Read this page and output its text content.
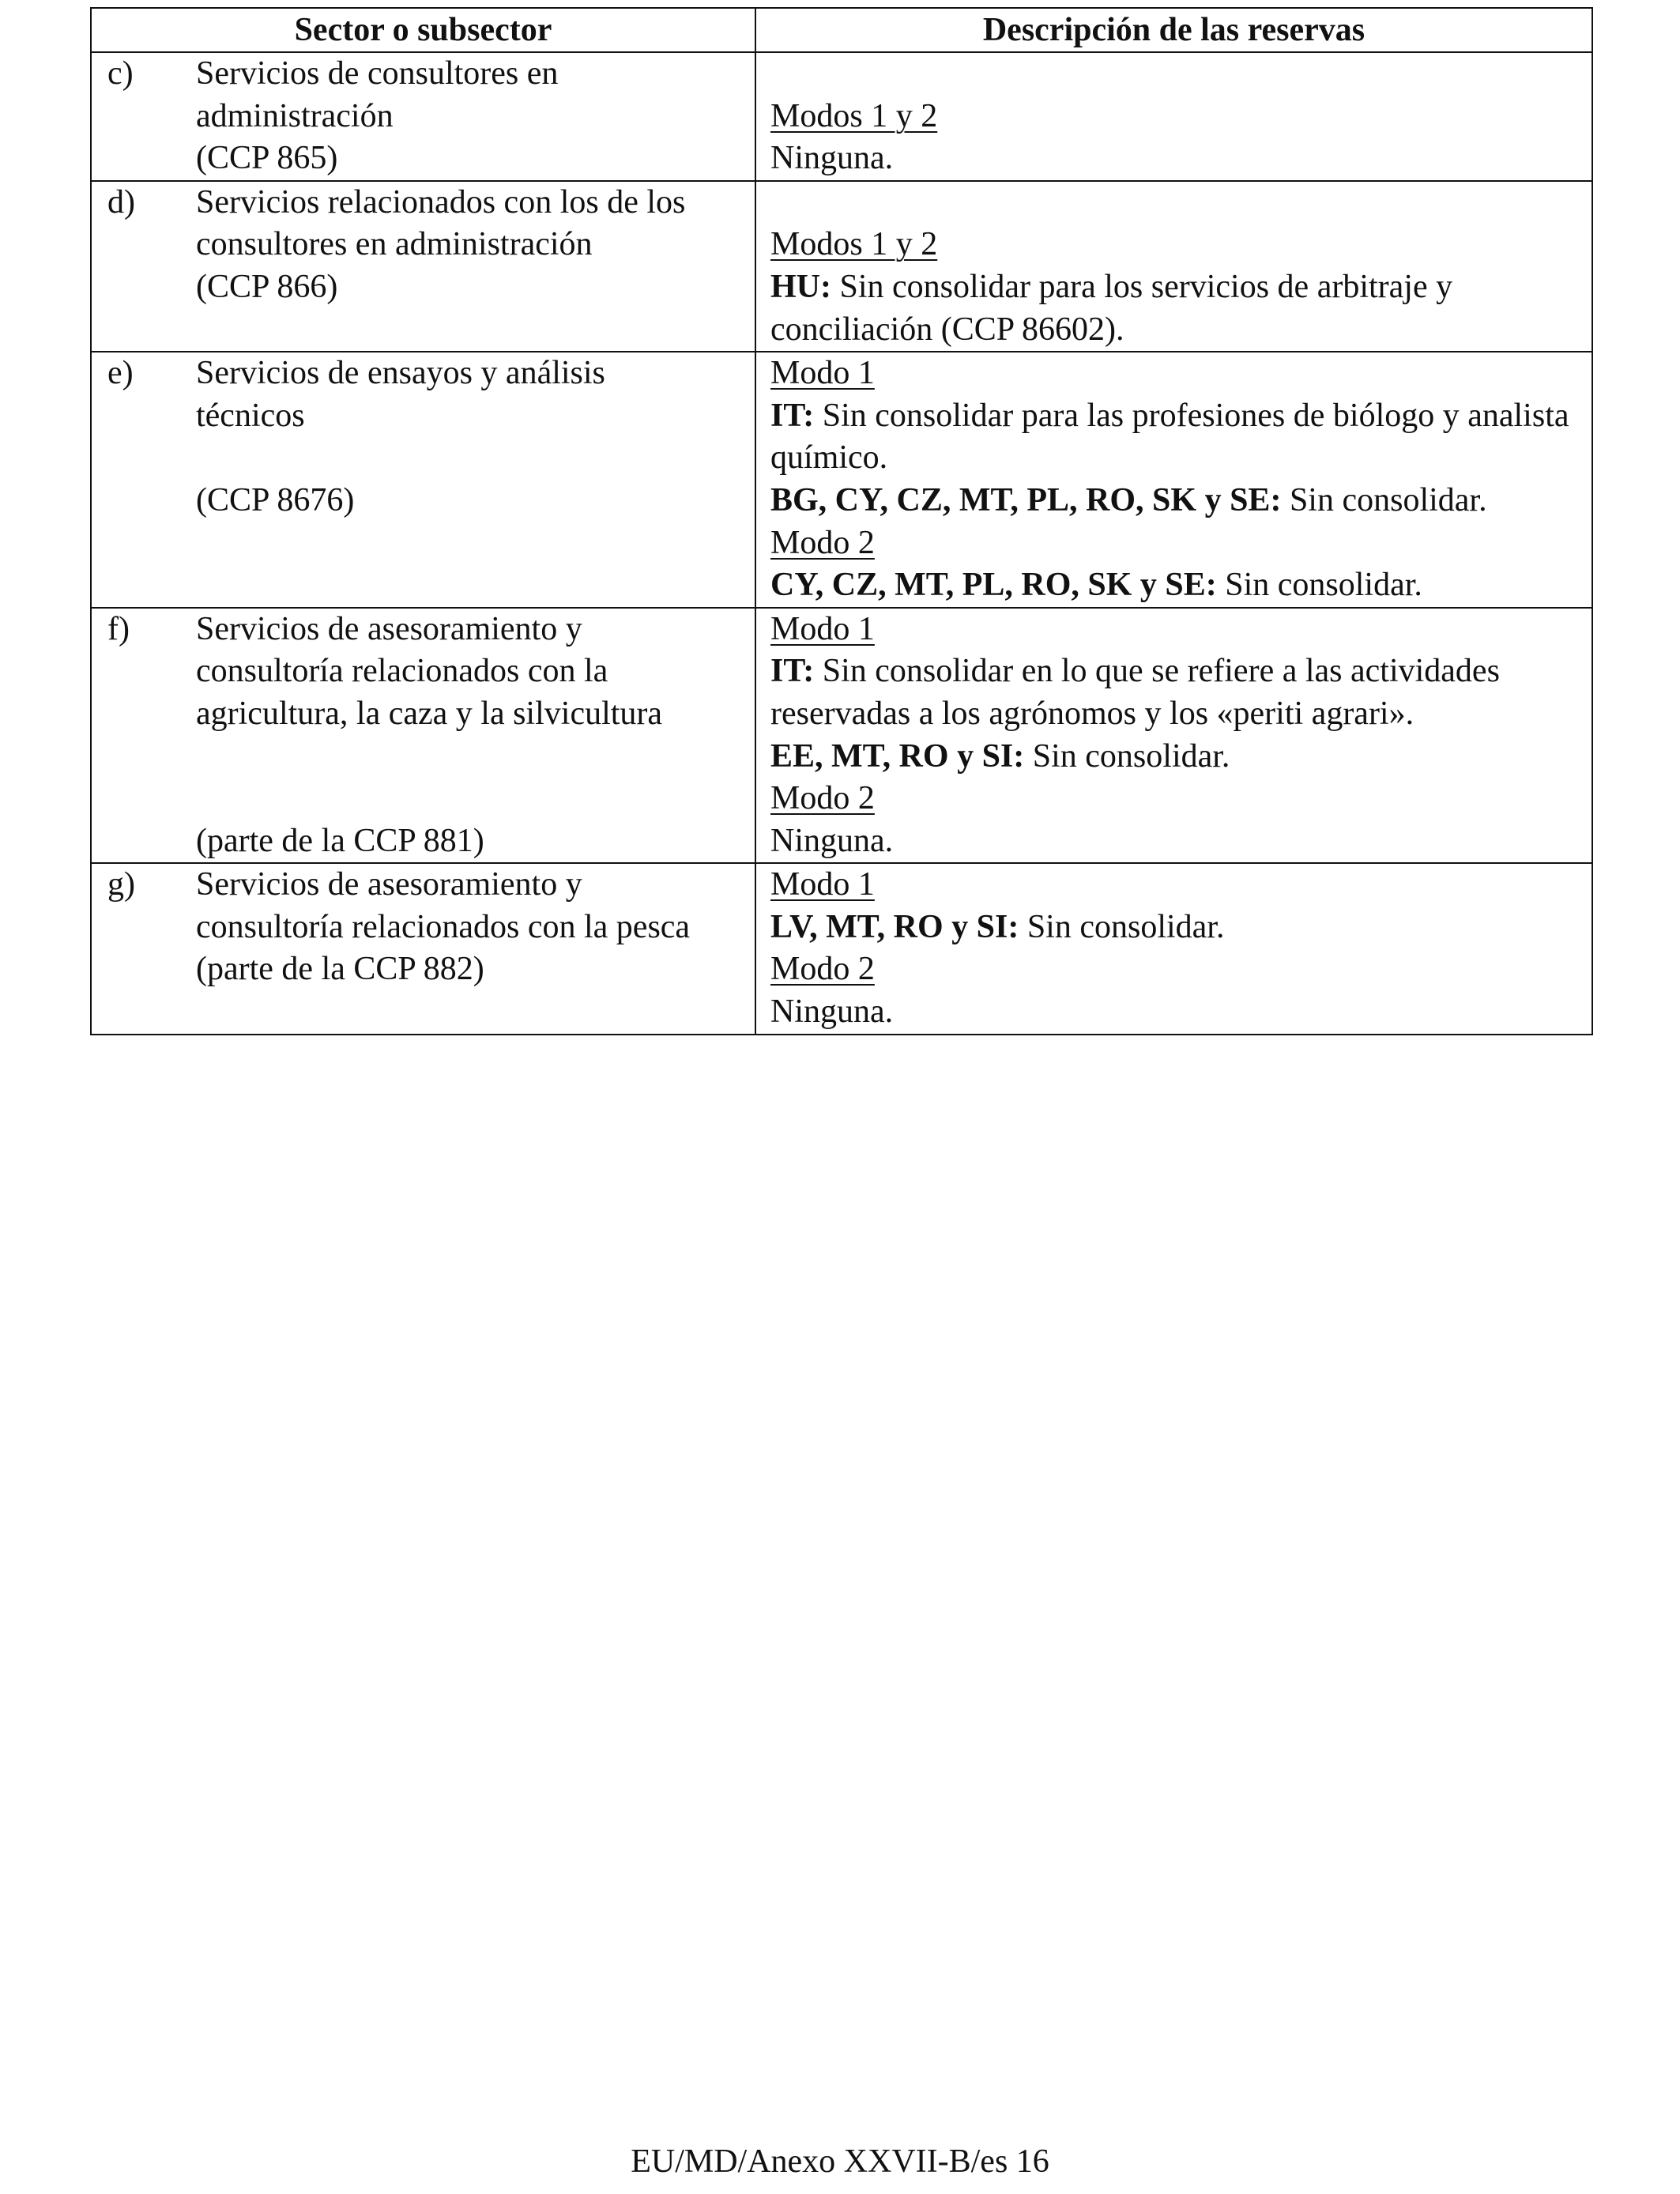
Sector o subsector	Descripción de las reservas

c) Servicios de consultores en
administración
(CCP 865)	Modos 1 y 2
Ninguna.

d) Servicios relacionados con los de los
consultores en administración
(CCP 866)	Modos 1 y 2
HU: Sin consolidar para los servicios de arbitraje y conciliación (CCP 86602).

e) Servicios de ensayos y análisis
técnicos
(CCP 8676)	Modo 1
IT: Sin consolidar para las profesiones de biólogo y analista químico.
BG, CY, CZ, MT, PL, RO, SK y SE: Sin consolidar.
Modo 2
CY, CZ, MT, PL, RO, SK y SE: Sin consolidar.

f) Servicios de asesoramiento y
consultoría relacionados con la
agricultura, la caza y la silvicultura
(parte de la CCP 881)	Modo 1
IT: Sin consolidar en lo que se refiere a las actividades reservadas a los agrónomos y los «periti agrari».
EE, MT, RO y SI: Sin consolidar.
Modo 2
Ninguna.

g) Servicios de asesoramiento y
consultoría relacionados con la pesca
(parte de la CCP 882)	Modo 1
LV, MT, RO y SI: Sin consolidar.
Modo 2
Ninguna.
EU/MD/Anexo XXVII-B/es 16
